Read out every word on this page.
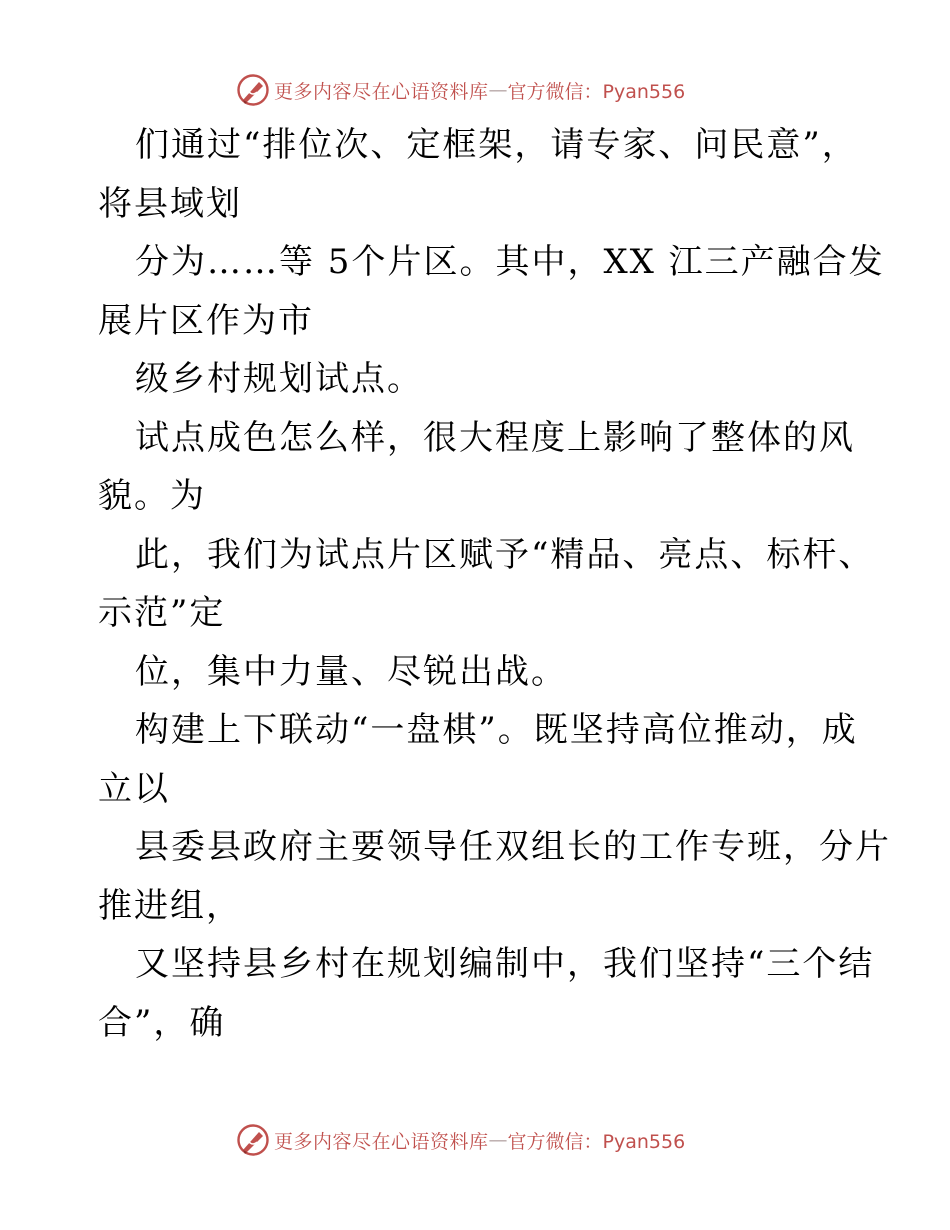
更多内容尽在心语资料库 — 官方微信：Pyan556
们通过“排位次、定框架，请专家、问民意”，
将县域划
分为……等 5个片区。其中，XX 江三产融合发
展片区作为市
级乡村规划试点。
试点成色怎么样，很大程度上影响了整体的风
貌。为
此，我们为试点片区赋予“精品、亮点、标杆、
示范”定
位，集中力量、尽锐出战。
构建上下联动“一盘棋”。既坚持高位推动，成
立以
县委县政府主要领导任双组长的工作专班，分片
推进组，
又坚持县乡村在规划编制中，我们坚持“三个结
合”，确
更多内容尽在心语资料库 — 官方微信：Pyan556
